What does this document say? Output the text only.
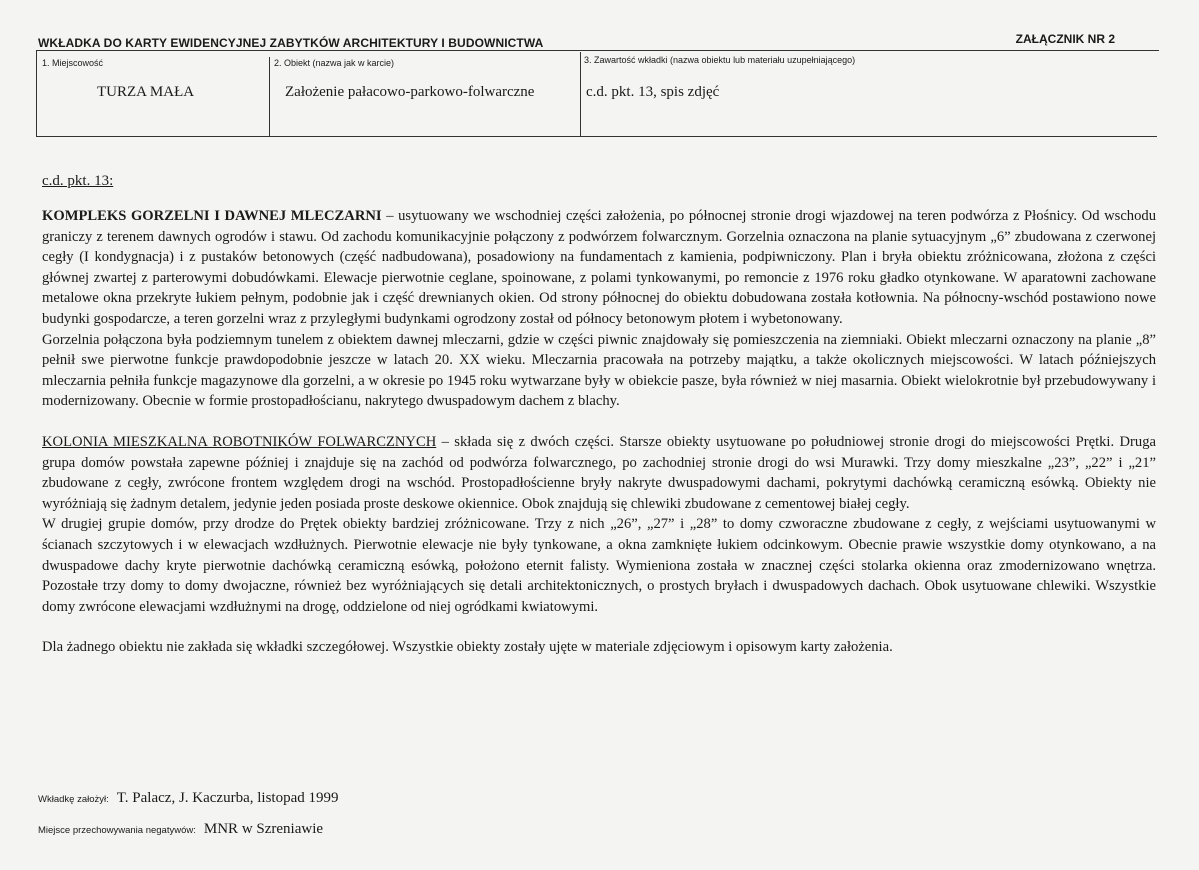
WKŁADKA DO KARTY EWIDENCYJNEJ ZABYTKÓW ARCHITEKTURY I BUDOWNICTWA	ZAŁĄCZNIK NR 2
1. Miejscowość
TURZA MAŁA
2. Obiekt (nazwa jak w karcie)
Założenie pałacowo-parkowo-folwarczne
3. Zawartość wkładki (nazwa obiektu lub materiału uzupełniającego)
c.d. pkt. 13, spis zdjęć
c.d. pkt. 13:

KOMPLEKS GORZELNI I DAWNEJ MLECZARNI – usytuowany we wschodniej części założenia, po północnej stronie drogi wjazdowej na teren podwórza z Płośnicy. Od wschodu graniczy z terenem dawnych ogrodów i stawu. Od zachodu komunikacyjnie połączony z podwórzem folwarcznym. Gorzelnia oznaczona na planie sytuacyjnym „6” zbudowana z czerwonej cegły (I kondygnacja) i z pustaków betonowych (część nadbudowana), posadowiony na fundamentach z kamienia, podpiwniczony. Plan i bryła obiektu zróżnicowana, złożona z części głównej zwartej z parterowymi dobudówkami. Elewacje pierwotnie ceglane, spoinowane, z polami tynkowanymi, po remoncie z 1976 roku gładko otynkowane. W aparatowni zachowane metalowe okna przekryte łukiem pełnym, podobnie jak i część drewnianych okien. Od strony północnej do obiektu dobudowana została kotłownia. Na północny-wschód postawiono nowe budynki gospodarcze, a teren gorzelni wraz z przyległymi budynkami ogrodzony został od północy betonowym płotem i wybetonowany.

Gorzelnia połączona była podziemnym tunelem z obiektem dawnej mleczarni, gdzie w części piwnic znajdowały się pomieszczenia na ziemniaki. Obiekt mleczarni oznaczony na planie „8” pełnił swe pierwotne funkcje prawdopodobnie jeszcze w latach 20. XX wieku. Mleczarnia pracowała na potrzeby majątku, a także okolicznych miejscowości. W latach późniejszych mleczarnia pełniła funkcje magazynowe dla gorzelni, a w okresie po 1945 roku wytwarzane były w obiekcie pasze, była również w niej masarnia. Obiekt wielokrotnie był przebudowywany i modernizowany. Obecnie w formie prostopadłościanu, nakrytego dwuspadowym dachem z blachy.

KOLONIA MIESZKALNA ROBOTNIKÓW FOLWARCZNYCH – składa się z dwóch części. Starsze obiekty usytuowane po południowej stronie drogi do miejscowości Prętki. Druga grupa domów powstała zapewne później i znajduje się na zachód od podwórza folwarcznego, po zachodniej stronie drogi do wsi Murawki. Trzy domy mieszkalne „23”, „22” i „21” zbudowane z cegły, zwrócone frontem względem drogi na wschód. Prostopadłościenne bryły nakryte dwuspadowymi dachami, pokrytymi dachówką ceramiczną esówką. Obiekty nie wyróżniają się żadnym detalem, jedynie jeden posiada proste deskowe okiennice. Obok znajdują się chlewiki zbudowane z cementowej białej cegły.

W drugiej grupie domów, przy drodze do Prętek obiekty bardziej zróżnicowane. Trzy z nich „26”, „27” i „28” to domy czworaczne zbudowane z cegły, z wejściami usytuowanymi w ścianach szczytowych i w elewacjach wzdłużnych. Pierwotnie elewacje nie były tynkowane, a okna zamknięte łukiem odcinkowym. Obecnie prawie wszystkie domy otynkowano, a na dwuspadowe dachy kryte pierwotnie dachówką ceramiczną esówką, położono eternit falisty. Wymieniona została w znacznej części stolarka okienna oraz zmodernizowano wnętrza. Pozostałe trzy domy to domy dwojaczne, również bez wyróżniających się detali architektonicznych, o prostych bryłach i dwuspadowych dachach. Obok usytuowane chlewiki. Wszystkie domy zwrócone elewacjami wzdłużnymi na drogę, oddzielone od niej ogródkami kwiatowymi.

Dla żadnego obiektu nie zakłada się wkładki szczegółowej. Wszystkie obiekty zostały ujęte w materiale zdjęciowym i opisowym karty założenia.

Wkładkę założył: T. Palacz, J. Kaczurba, listopad 1999
Miejsce przechowywania negatywów: MNR w Szreniawie
